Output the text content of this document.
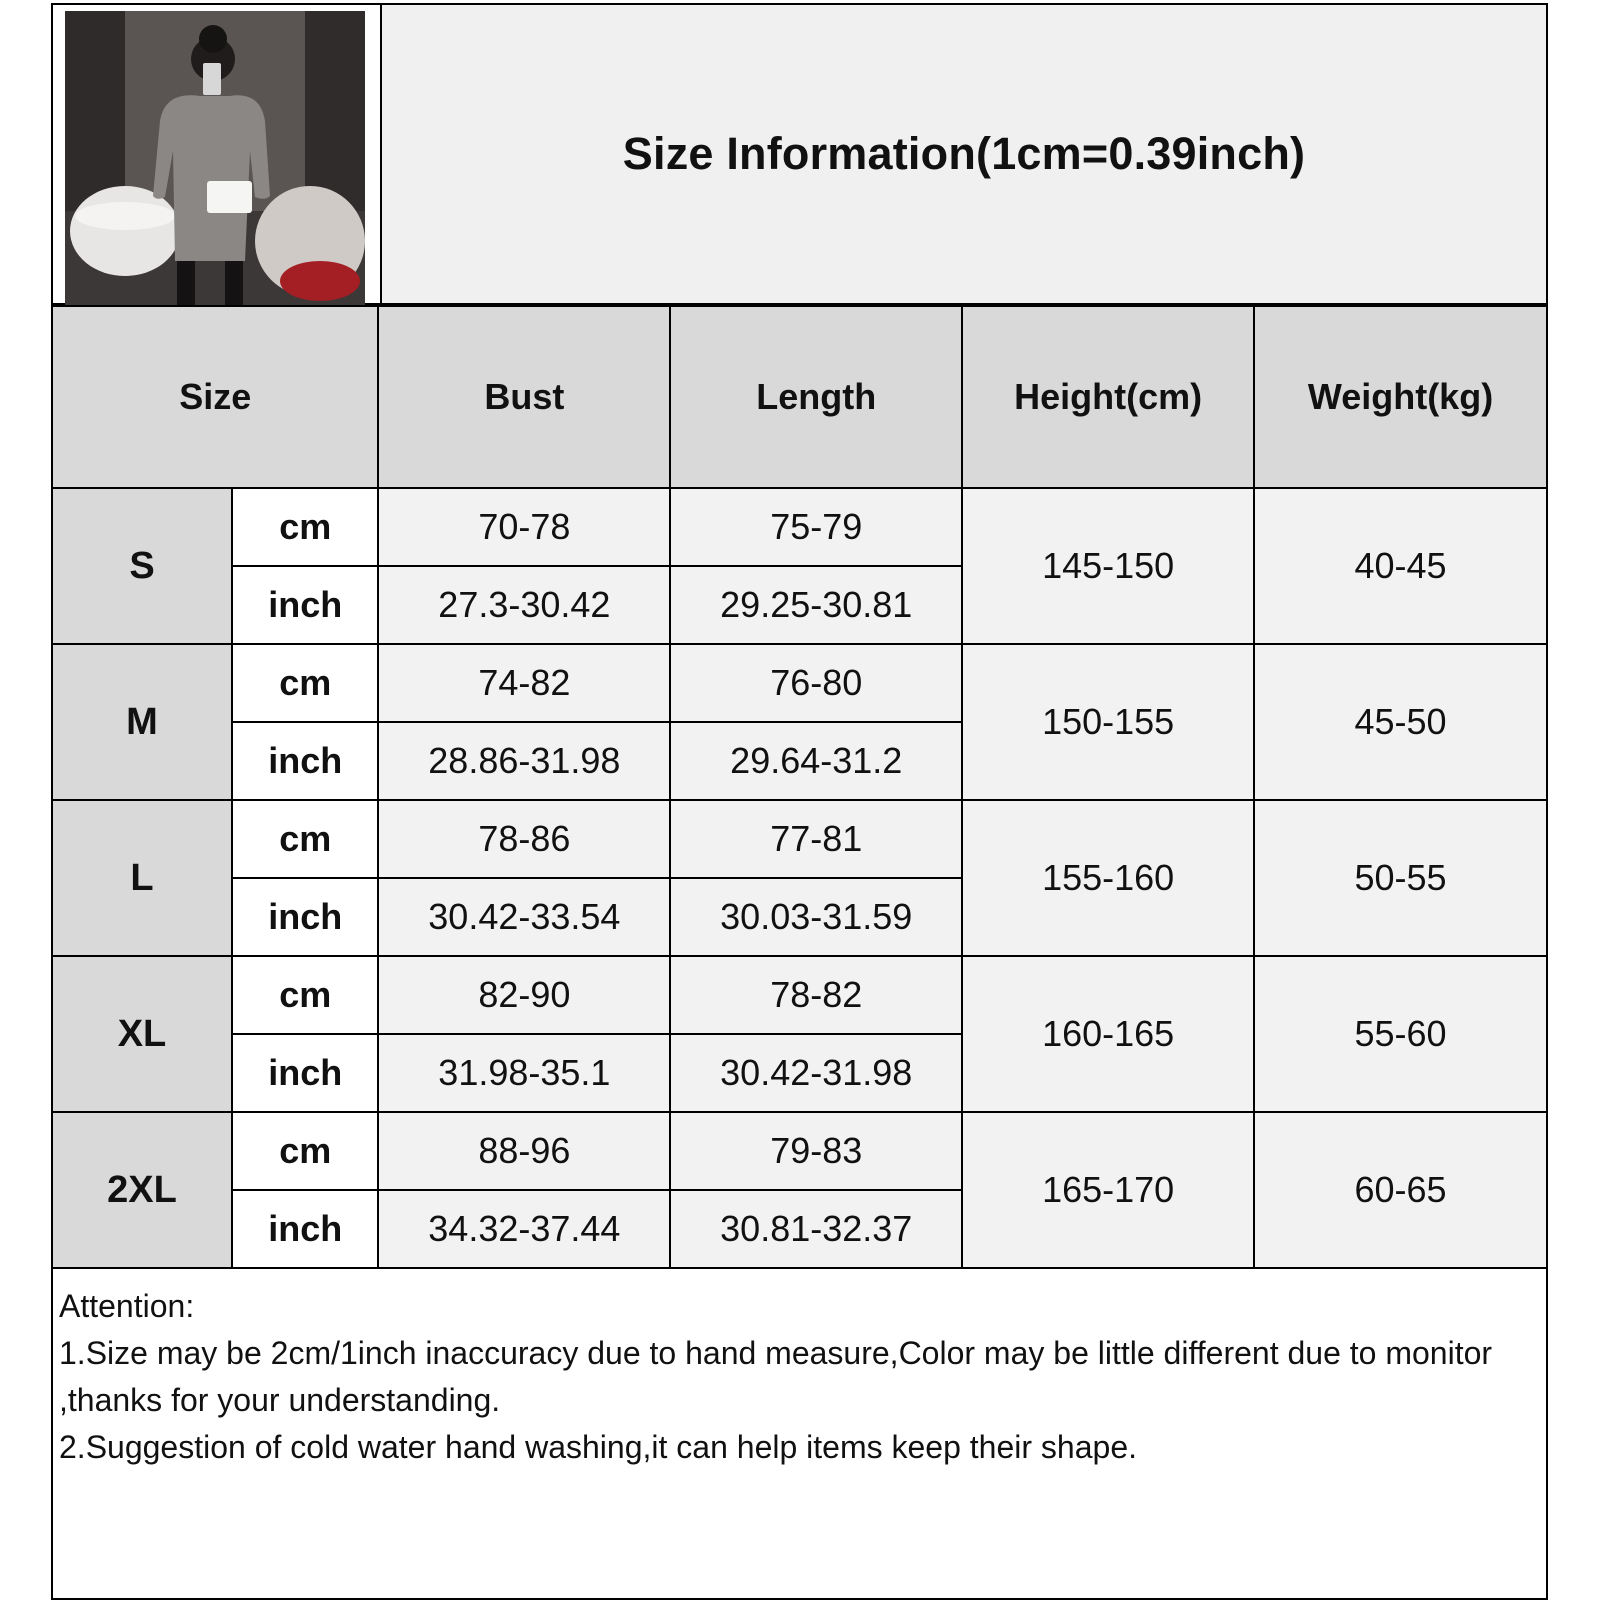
Size Information(1cm=0.39inch)
Size		Bust	Length	Height(cm)	Weight(kg)
S	cm	70-78	75-79	145-150	40-45
	inch	27.3-30.42	29.25-30.81		
M	cm	74-82	76-80	150-155	45-50
	inch	28.86-31.98	29.64-31.2		
L	cm	78-86	77-81	155-160	50-55
	inch	30.42-33.54	30.03-31.59		
XL	cm	82-90	78-82	160-165	55-60
	inch	31.98-35.1	30.42-31.98		
2XL	cm	88-96	79-83	165-170	60-65
	inch	34.32-37.44	30.81-32.37		

Attention:

1.Size may be 2cm/1inch inaccuracy due to hand measure,Color may be little different due to monitor ,thanks for your understanding.

2.Suggestion of cold water hand washing,it can help items keep their shape.
